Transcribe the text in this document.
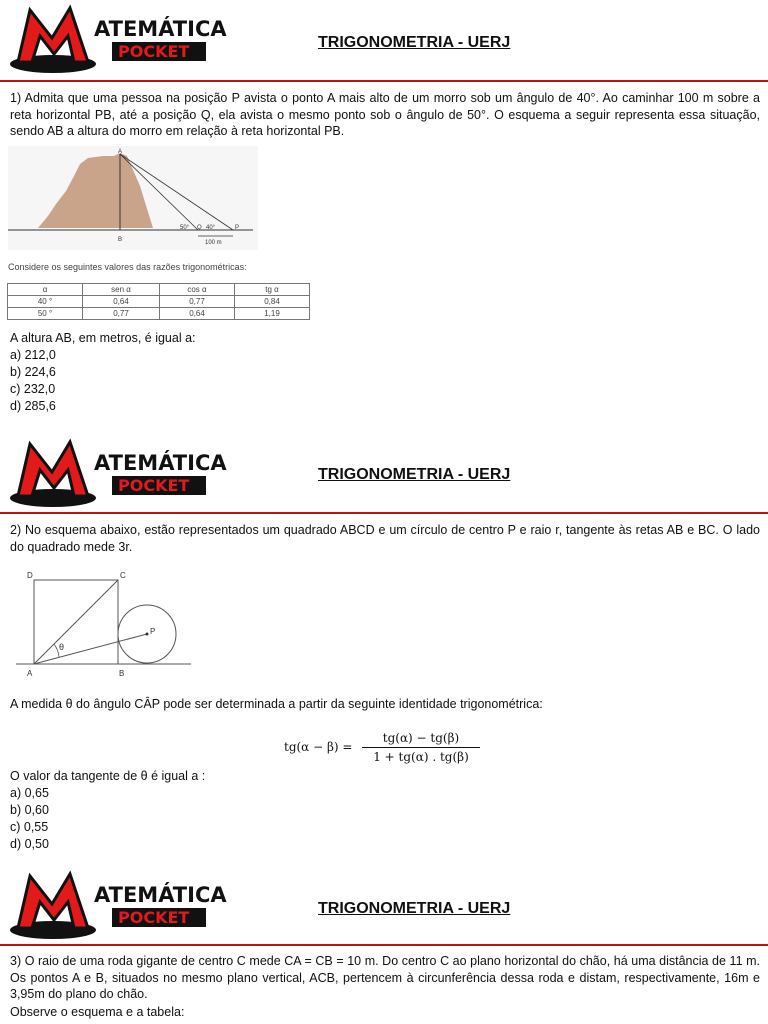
ATEMÁTICA
POCKET	TRIGONOMETRIA - UERJ
1) Admita que uma pessoa na posição P avista o ponto A mais alto de um morro sob um ângulo de 40°. Ao caminhar 100 m sobre a reta horizontal PB, até a posição Q, ela avista o mesmo ponto sob o ângulo de 50°. O esquema a seguir representa essa situação, sendo AB a altura do morro em relação à reta horizontal PB.
A
B
P
Q
50°	40°
100 m
Considere os seguintes valores das razões trigonométricas:
α	sen α	cos α	tg α
40 °	0,64	0,77	0,84
50 °	0,77	0,64	1,19
A altura AB, em metros, é igual a:
a) 212,0
b) 224,6
c) 232,0
d) 285,6
ATEMÁTICA
POCKET
TRIGONOMETRIA - UERJ
2) No esquema abaixo, estão representados um quadrado ABCD e um círculo de centro P e raio r, tangente às retas AB e BC. O lado do quadrado mede 3r.
D	C
A	B
P
θ
A medida θ do ângulo CÂP pode ser determinada a partir da seguinte identidade trigonométrica:
tg(α − β) =
tg(α) − tg(β)
1 + tg(α) . tg(β)
O valor da tangente de θ é igual a :
a) 0,65
b) 0,60
c) 0,55
d) 0,50
ATEMÁTICA
POCKET	TRIGONOMETRIA - UERJ
3) O raio de uma roda gigante de centro C mede CA = CB = 10 m. Do centro C ao plano horizontal do chão, há uma distância de 11 m. Os pontos A e B, situados no mesmo plano vertical, ACB, pertencem à circunferência dessa roda e distam, respectivamente, 16m e 3,95m do plano do chão.
Observe o esquema e a tabela:
